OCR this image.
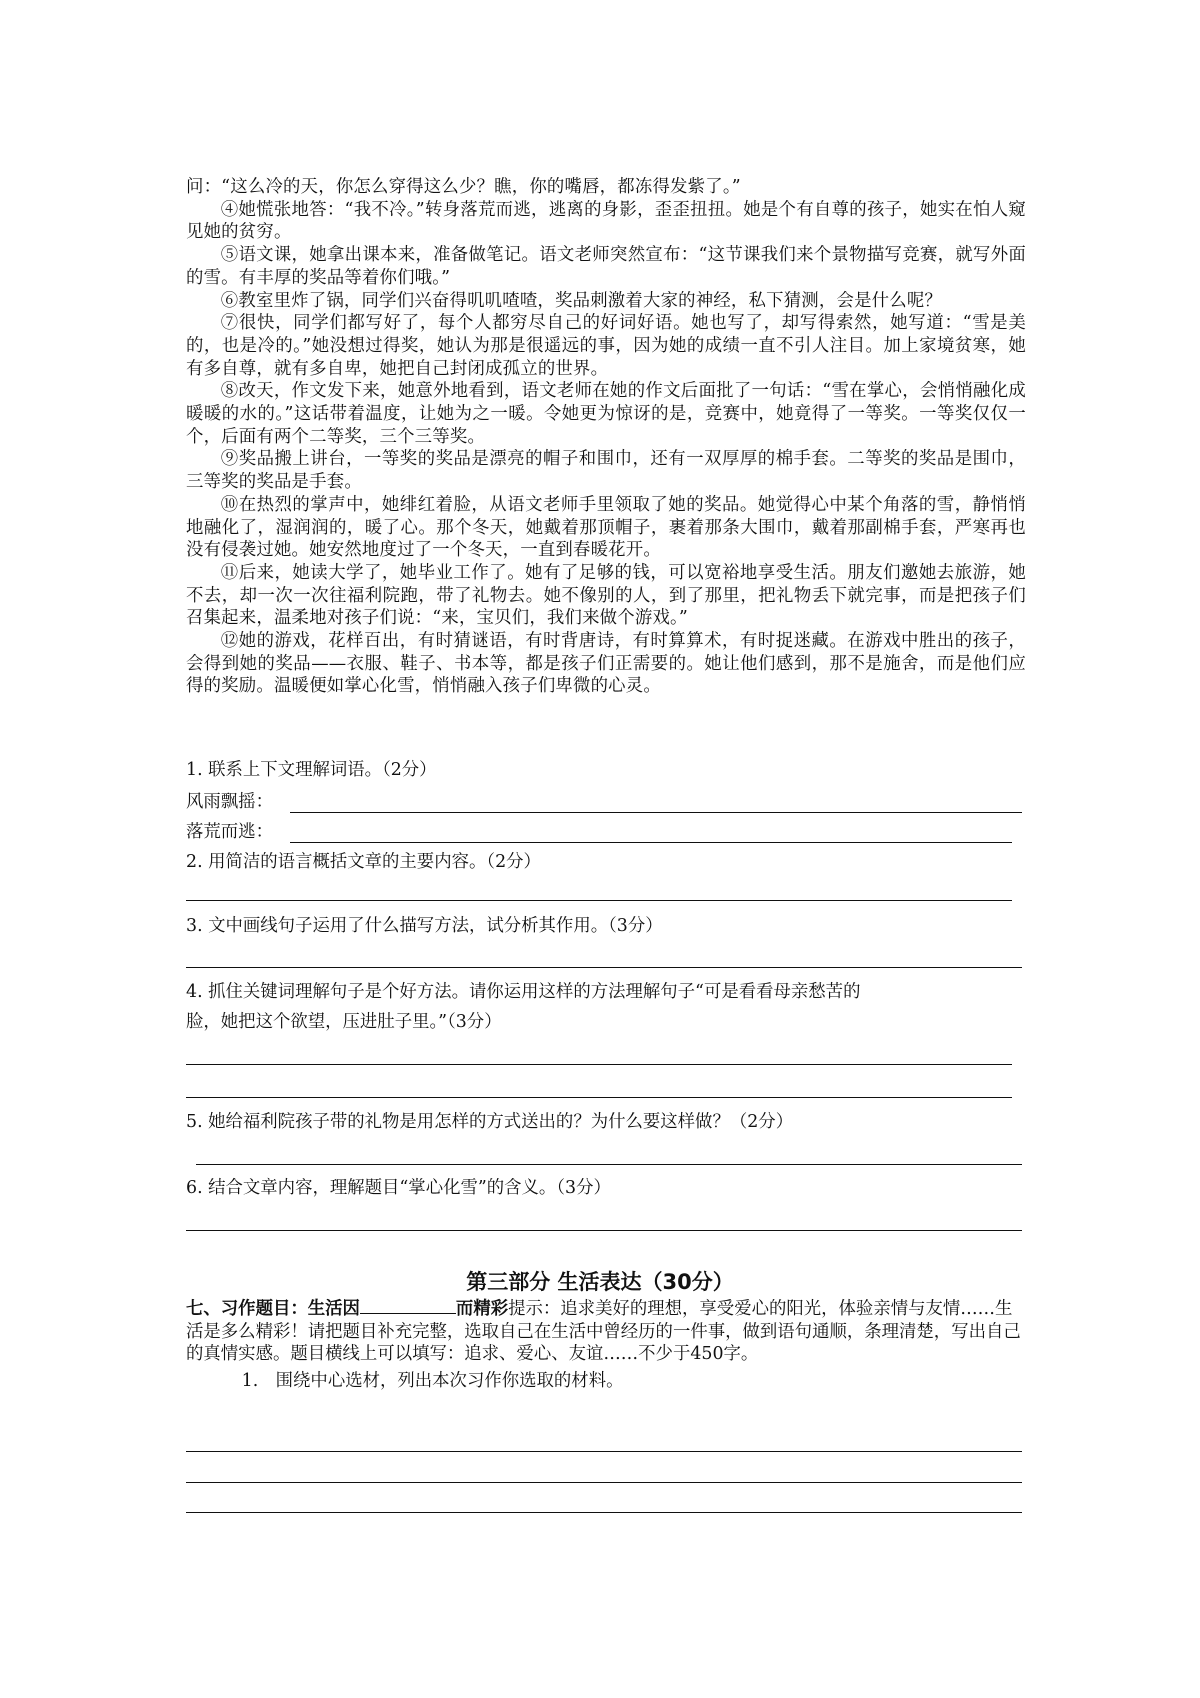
问：“这么冷的天，你怎么穿得这么少？瞧，你的嘴唇，都冻得发紫了。”

④她慌张地答：“我不冷。”转身落荒而逃，逃离的身影，歪歪扭扭。她是个有自尊的孩子，她实在怕人窥见她的贫穷。

⑤语文课，她拿出课本来，准备做笔记。语文老师突然宣布：“这节课我们来个景物描写竞赛，就写外面的雪。有丰厚的奖品等着你们哦。”

⑥教室里炸了锅，同学们兴奋得叽叽喳喳，奖品刺激着大家的神经，私下猜测，会是什么呢？

⑦很快，同学们都写好了，每个人都穷尽自己的好词好语。她也写了，却写得索然，她写道：“雪是美的，也是冷的。”她没想过得奖，她认为那是很遥远的事，因为她的成绩一直不引人注目。加上家境贫寒，她有多自尊，就有多自卑，她把自己封闭成孤立的世界。

⑧改天，作文发下来，她意外地看到，语文老师在她的作文后面批了一句话：“雪在掌心，会悄悄融化成暖暖的水的。”这话带着温度，让她为之一暖。令她更为惊讶的是，竞赛中，她竟得了一等奖。一等奖仅仅一个，后面有两个二等奖，三个三等奖。

⑨奖品搬上讲台，一等奖的奖品是漂亮的帽子和围巾，还有一双厚厚的棉手套。二等奖的奖品是围巾，三等奖的奖品是手套。

⑩在热烈的掌声中，她绯红着脸，从语文老师手里领取了她的奖品。她觉得心中某个角落的雪，静悄悄地融化了，湿润润的，暖了心。那个冬天，她戴着那顶帽子，裹着那条大围巾，戴着那副棉手套，严寒再也没有侵袭过她。她安然地度过了一个冬天，一直到春暖花开。

⑪后来，她读大学了，她毕业工作了。她有了足够的钱，可以宽裕地享受生活。朋友们邀她去旅游，她不去，却一次一次往福利院跑，带了礼物去。她不像别的人，到了那里，把礼物丢下就完事，而是把孩子们召集起来，温柔地对孩子们说：“来，宝贝们，我们来做个游戏。”

⑫她的游戏，花样百出，有时猜谜语，有时背唐诗，有时算算术，有时捉迷藏。在游戏中胜出的孩子，会得到她的奖品——衣服、鞋子、书本等，都是孩子们正需要的。她让他们感到，那不是施舍，而是他们应得的奖励。温暖便如掌心化雪，悄悄融入孩子们卑微的心灵。

1. 联系上下文理解词语。（2分）

风雨飘摇：
落荒而逃：

2. 用简洁的语言概括文章的主要内容。（2分）

3. 文中画线句子运用了什么描写方法，试分析其作用。（3分）

4. 抓住关键词理解句子是个好方法。请你运用这样的方法理解句子“可是看看母亲愁苦的

脸，她把这个欲望，压进肚子里。”（3分）

5. 她给福利院孩子带的礼物是用怎样的方式送出的？为什么要这样做？（2分）

6. 结合文章内容，理解题目“掌心化雪”的含义。（3分）

第三部分 生活表达（30分）

七、习作题目：生活因	而精彩提示：追求美好的理想，享受爱心的阳光，体验亲情与友情……生活是多么精彩！请把题目补充完整，选取自己在生活中曾经历的一件事，做到语句通顺，条理清楚，写出自己的真情实感。题目横线上可以填写：追求、爱心、友谊……不少于450字。

1.　围绕中心选材，列出本次习作你选取的材料。
